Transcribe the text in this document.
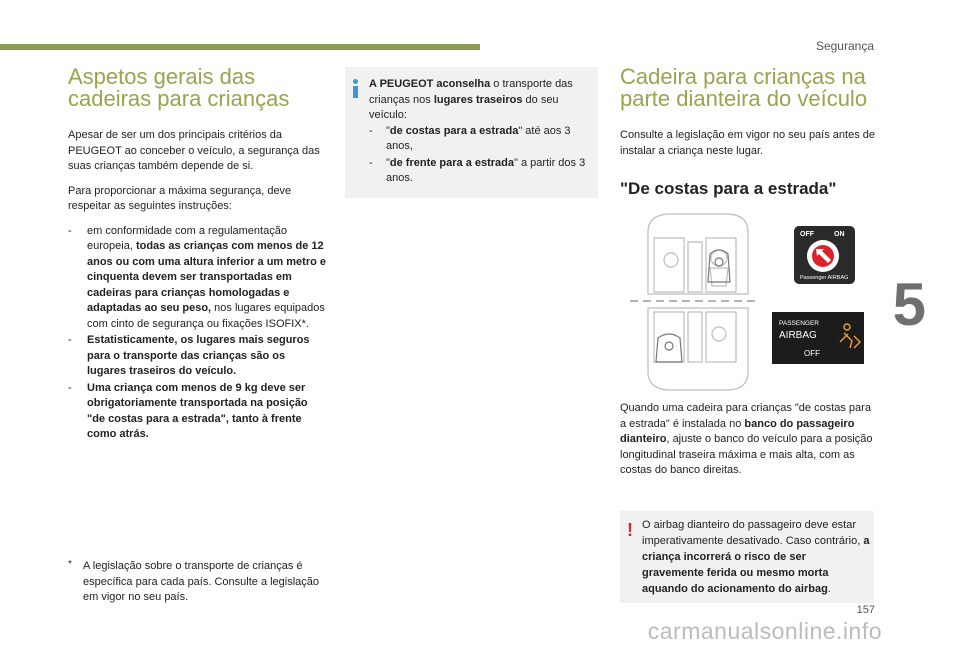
Segurança
5
Aspetos gerais das cadeiras para crianças

Apesar de ser um dos principais critérios da PEUGEOT ao conceber o veículo, a segurança das suas crianças também depende de si.

Para proporcionar a máxima segurança, deve respeitar as seguintes instruções:

- em conformidade com a regulamentação europeia, todas as crianças com menos de 12 anos ou com uma altura inferior a um metro e cinquenta devem ser transportadas em cadeiras para crianças homologadas e adaptadas ao seu peso, nos lugares equipados com cinto de segurança ou fixações ISOFIX*.
- Estatisticamente, os lugares mais seguros para o transporte das crianças são os lugares traseiros do veículo.
- Uma criança com menos de 9 kg deve ser obrigatoriamente transportada na posição "de costas para a estrada", tanto à frente como atrás.
*	A legislação sobre o transporte de crianças é específica para cada país. Consulte a legislação em vigor no seu país.

A PEUGEOT aconselha o transporte das crianças nos lugares traseiros do seu veículo:

- "de costas para a estrada" até aos 3 anos,
- "de frente para a estrada" a partir dos 3 anos.
Cadeira para crianças na parte dianteira do veículo

Consulte a legislação em vigor no seu país antes de instalar a criança neste lugar.

"De costas para a estrada"
OFF	ON
Passenger AIRBAG
PASSENGER
AIRBAG
OFF

Quando uma cadeira para crianças "de costas para a estrada" é instalada no banco do passageiro dianteiro, ajuste o banco do veículo para a posição longitudinal traseira máxima e mais alta, com as costas do banco direitas.

! O airbag dianteiro do passageiro deve estar imperativamente desativado. Caso contrário, a criança incorrerá o risco de ser gravemente ferida ou mesmo morta aquando do acionamento do airbag.
157
carmanualsonline.info
